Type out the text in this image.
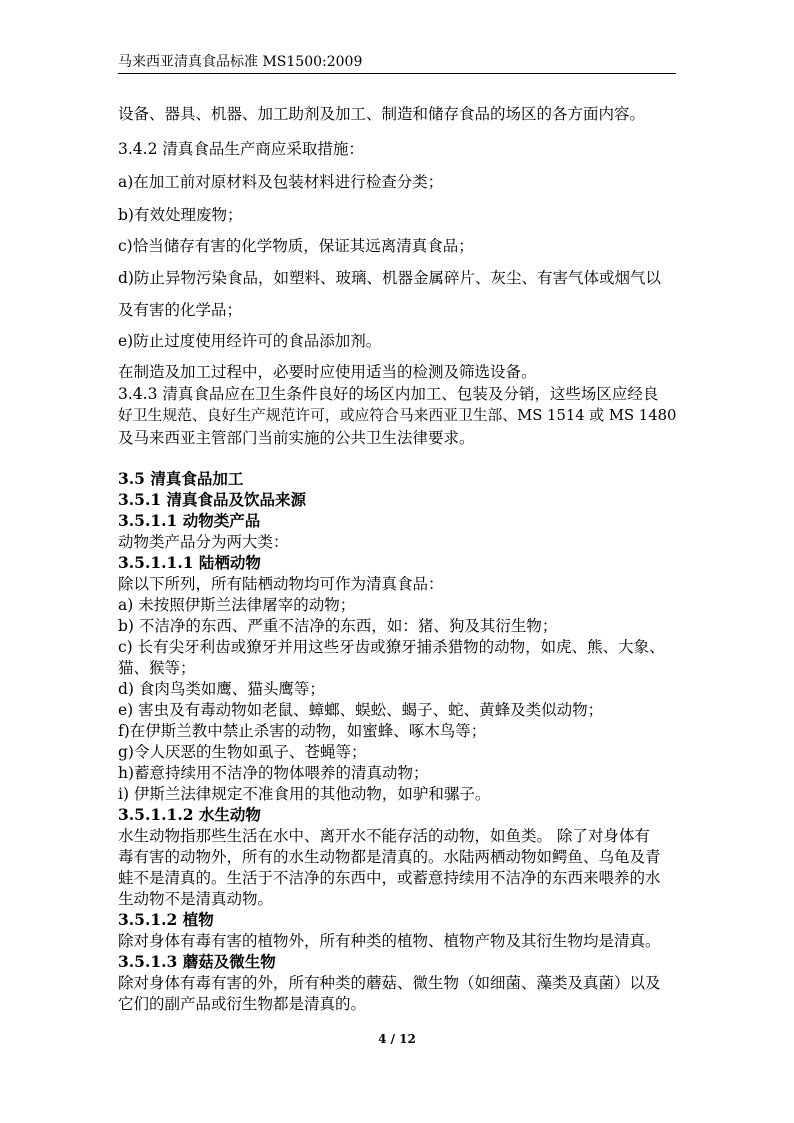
马来西亚清真食品标准 MS1500:2009
设备、器具、机器、加工助剂及加工、制造和储存食品的场区的各方面内容。
3.4.2 清真食品生产商应采取措施：
a)在加工前对原材料及包装材料进行检查分类；
b)有效处理废物；
c)恰当储存有害的化学物质，保证其远离清真食品；
d)防止异物污染食品，如塑料、玻璃、机器金属碎片、灰尘、有害气体或烟气以
及有害的化学品；
e)防止过度使用经许可的食品添加剂。
在制造及加工过程中，必要时应使用适当的检测及筛选设备。
3.4.3 清真食品应在卫生条件良好的场区内加工、包装及分销，这些场区应经良
好卫生规范、良好生产规范许可，或应符合马来西亚卫生部、MS 1514 或 MS 1480
及马来西亚主管部门当前实施的公共卫生法律要求。
3.5 清真食品加工
3.5.1 清真食品及饮品来源
3.5.1.1 动物类产品
动物类产品分为两大类：
3.5.1.1.1 陆栖动物
除以下所列，所有陆栖动物均可作为清真食品：
a) 未按照伊斯兰法律屠宰的动物；
b) 不洁净的东西、严重不洁净的东西，如：猪、狗及其衍生物；
c) 长有尖牙利齿或獠牙并用这些牙齿或獠牙捕杀猎物的动物，如虎、熊、大象、
猫、猴等；
d) 食肉鸟类如鹰、猫头鹰等；
e) 害虫及有毒动物如老鼠、蟑螂、蜈蚣、蝎子、蛇、黄蜂及类似动物；
f)在伊斯兰教中禁止杀害的动物，如蜜蜂、啄木鸟等；
g)令人厌恶的生物如虱子、苍蝇等；
h)蓄意持续用不洁净的物体喂养的清真动物；
i) 伊斯兰法律规定不准食用的其他动物，如驴和骡子。
3.5.1.1.2 水生动物
水生动物指那些生活在水中、离开水不能存活的动物，如鱼类。 除了对身体有
毒有害的动物外，所有的水生动物都是清真的。水陆两栖动物如鳄鱼、乌龟及青
蛙不是清真的。生活于不洁净的东西中，或蓄意持续用不洁净的东西来喂养的水
生动物不是清真动物。
3.5.1.2 植物
除对身体有毒有害的植物外，所有种类的植物、植物产物及其衍生物均是清真。
3.5.1.3 蘑菇及微生物
除对身体有毒有害的外，所有种类的蘑菇、微生物（如细菌、藻类及真菌）以及
它们的副产品或衍生物都是清真的。
4 / 12
